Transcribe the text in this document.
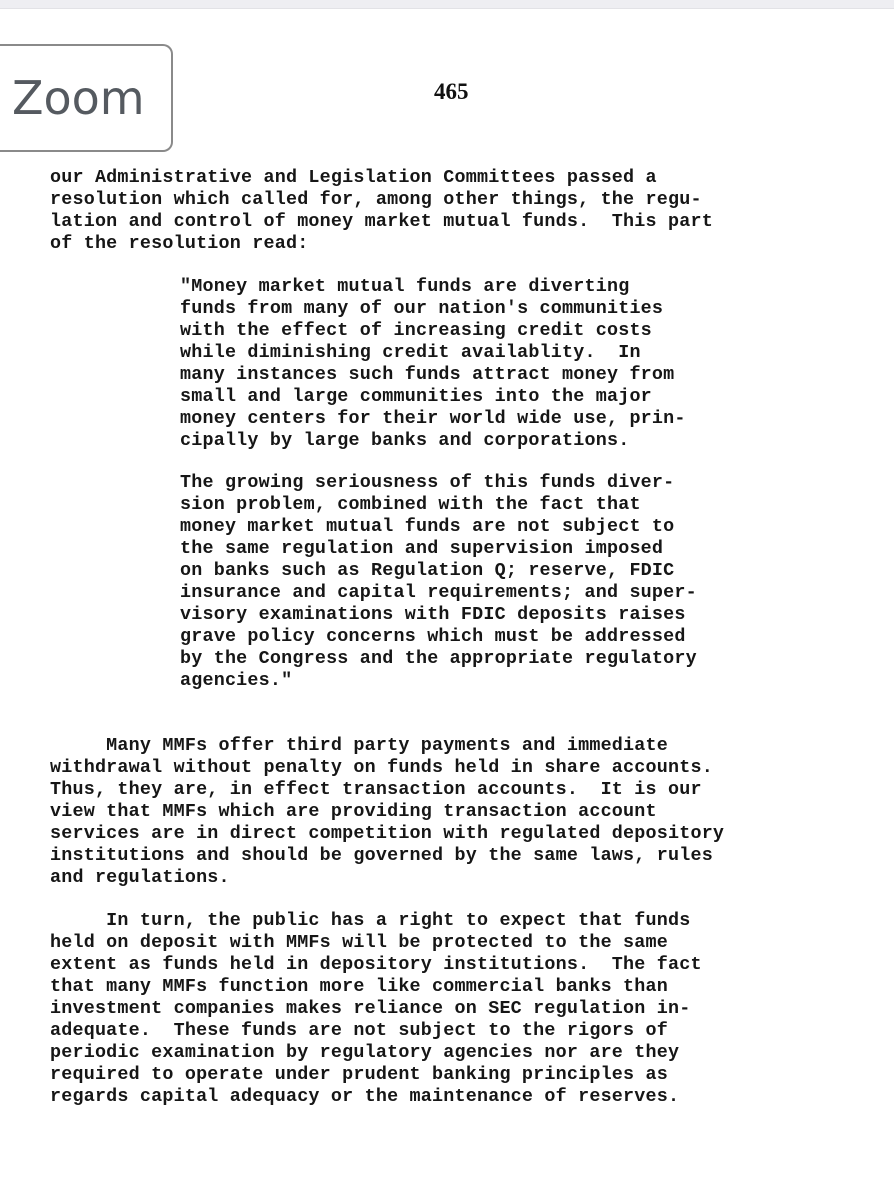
Zoom	465
our Administrative and Legislation Committees passed a
resolution which called for, among other things, the regu-
lation and control of money market mutual funds.  This part
of the resolution read:
"Money market mutual funds are diverting
funds from many of our nation's communities
with the effect of increasing credit costs
while diminishing credit availablity.  In
many instances such funds attract money from
small and large communities into the major
money centers for their world wide use, prin-
cipally by large banks and corporations.
The growing seriousness of this funds diver-
sion problem, combined with the fact that
money market mutual funds are not subject to
the same regulation and supervision imposed
on banks such as Regulation Q; reserve, FDIC
insurance and capital requirements; and super-
visory examinations with FDIC deposits raises
grave policy concerns which must be addressed
by the Congress and the appropriate regulatory
agencies."
Many MMFs offer third party payments and immediate
withdrawal without penalty on funds held in share accounts.
Thus, they are, in effect transaction accounts.  It is our
view that MMFs which are providing transaction account
services are in direct competition with regulated depository
institutions and should be governed by the same laws, rules
and regulations.
In turn, the public has a right to expect that funds
held on deposit with MMFs will be protected to the same
extent as funds held in depository institutions.  The fact
that many MMFs function more like commercial banks than
investment companies makes reliance on SEC regulation in-
adequate.  These funds are not subject to the rigors of
periodic examination by regulatory agencies nor are they
required to operate under prudent banking principles as
regards capital adequacy or the maintenance of reserves.
